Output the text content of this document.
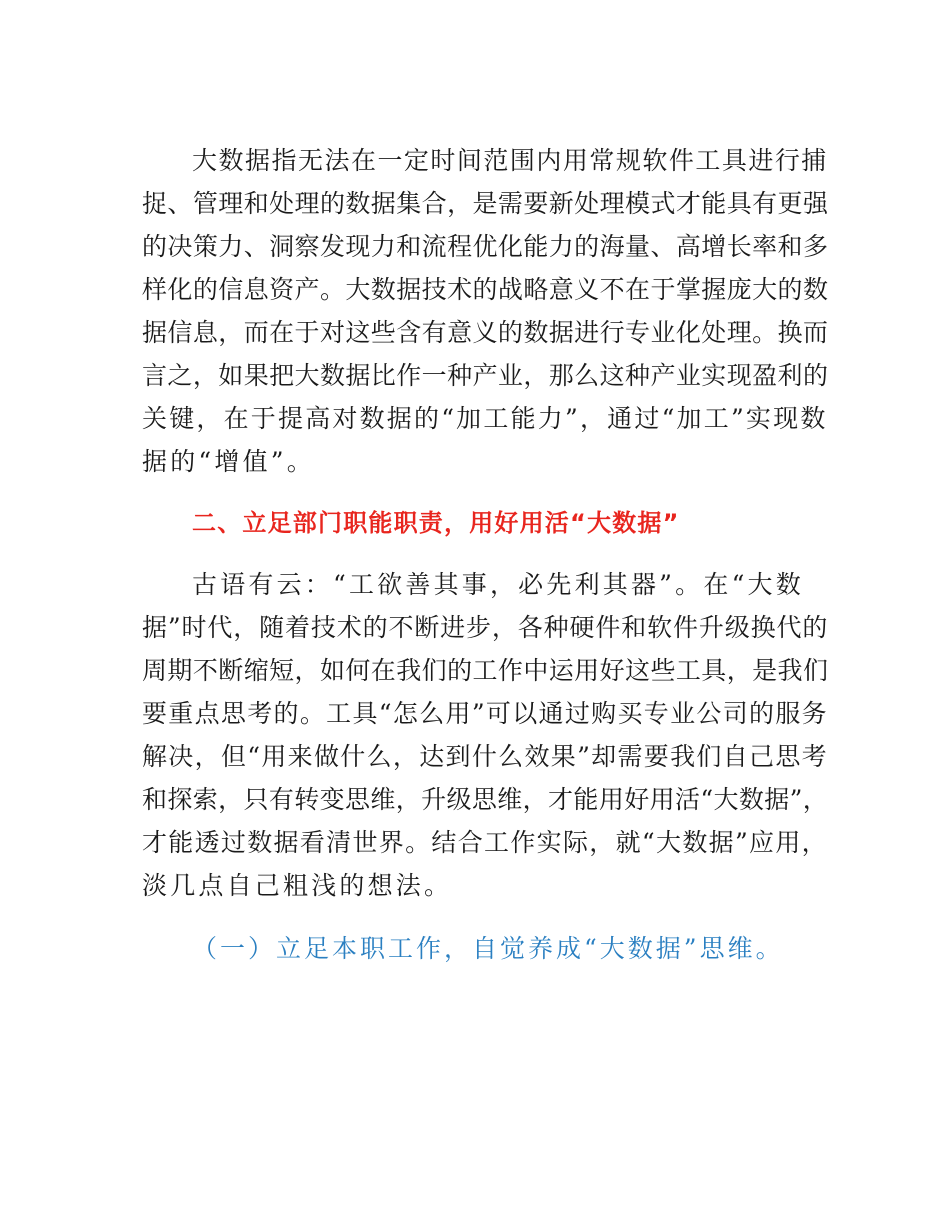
大数据指无法在一定时间范围内用常规软件工具进行捕
捉、管理和处理的数据集合，是需要新处理模式才能具有更强
的决策力、洞察发现力和流程优化能力的海量、高增长率和多
样化的信息资产。大数据技术的战略意义不在于掌握庞大的数
据信息，而在于对这些含有意义的数据进行专业化处理。换而
言之，如果把大数据比作一种产业，那么这种产业实现盈利的
关键，在于提高对数据的“加工能力”，通过“加工”实现数
据的“增值”。
二、立足部门职能职责，用好用活“大数据”
古语有云：“工欲善其事，必先利其器”。在“大数
据”时代，随着技术的不断进步，各种硬件和软件升级换代的
周期不断缩短，如何在我们的工作中运用好这些工具，是我们
要重点思考的。工具“怎么用”可以通过购买专业公司的服务
解决，但“用来做什么，达到什么效果”却需要我们自己思考
和探索，只有转变思维，升级思维，才能用好用活“大数据”，
才能透过数据看清世界。结合工作实际，就“大数据”应用，
淡几点自己粗浅的想法。
（一）立足本职工作，自觉养成“大数据”思维。
